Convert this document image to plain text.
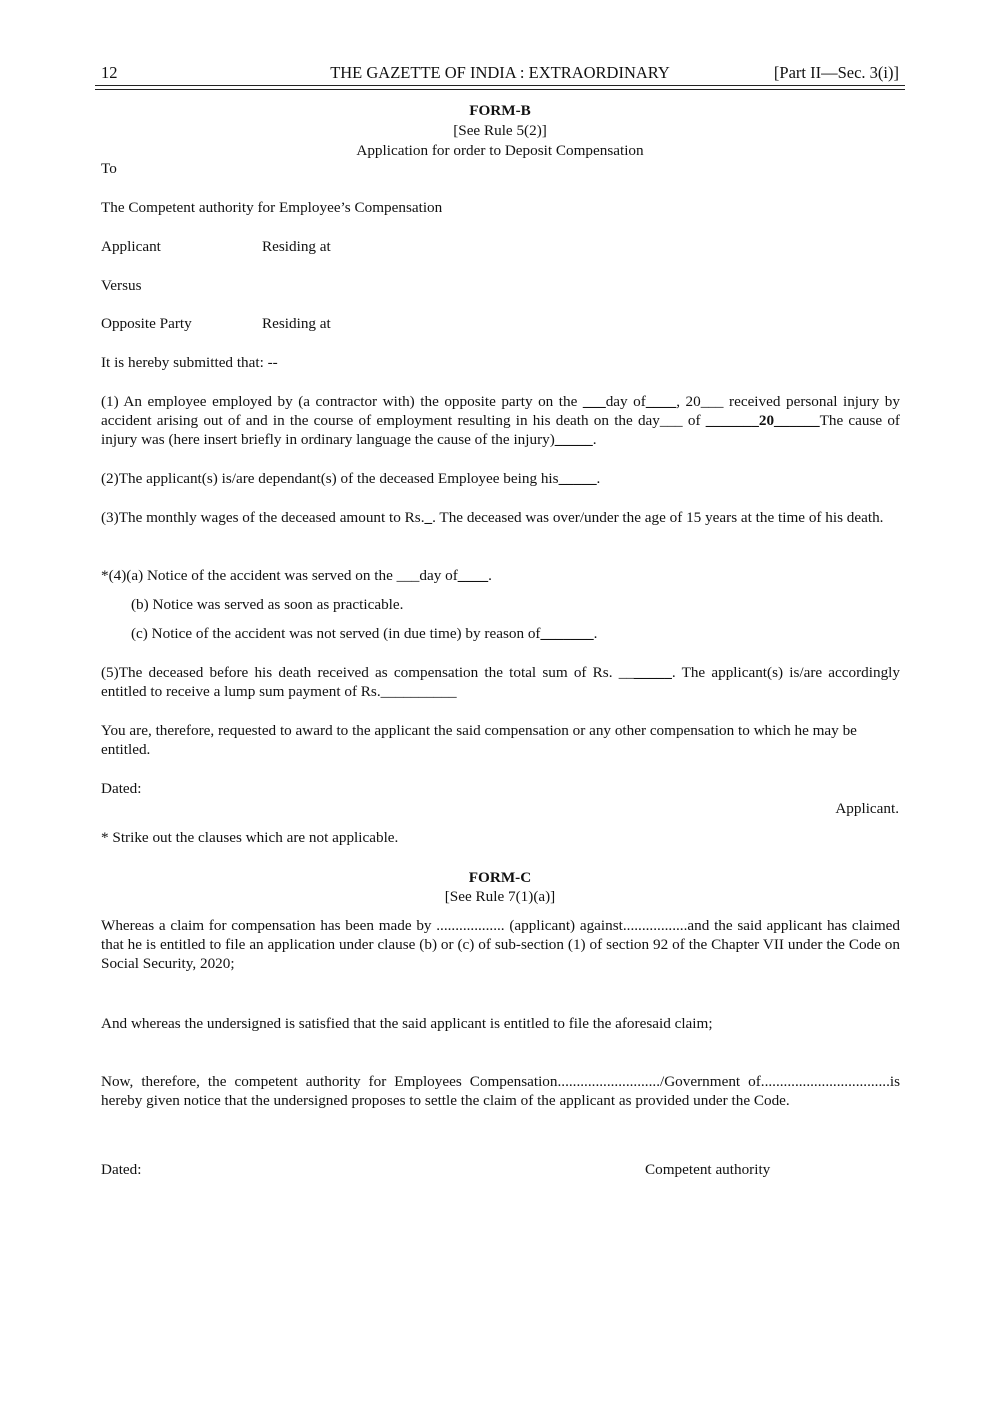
12	THE GAZETTE OF INDIA : EXTRAORDINARY	[Part II—Sec. 3(i)]
FORM-B
[See Rule 5(2)]
Application for order to Deposit Compensation
To
The Competent authority for Employee’s Compensation
Applicant	Residing at
Versus
Opposite Party	Residing at
It is hereby submitted that: --
(1) An employee employed by (a contractor with) the opposite party on the ___day of____, 20___ received personal injury by accident arising out of and in the course of employment resulting in his death on the day___ of _______20______The cause of injury was (here insert briefly in ordinary language the cause of the injury)_____.
(2)The applicant(s) is/are dependant(s) of the deceased Employee being his_____.
(3)The monthly wages of the deceased amount to Rs._. The deceased was over/under the age of 15 years at the time of his death.
*(4)(a) Notice of the accident was served on the ___day of____.
(b) Notice was served as soon as practicable.
(c) Notice of the accident was not served (in due time) by reason of_______.
(5)The deceased before his death received as compensation the total sum of Rs. _______. The applicant(s) is/are accordingly entitled to receive a lump sum payment of Rs.__________
You are, therefore, requested to award to the applicant the said compensation or any other compensation to which he may be entitled.
Dated:
Applicant.
* Strike out the clauses which are not applicable.
FORM-C
[See Rule 7(1)(a)]
Whereas a claim for compensation has been made by .................. (applicant) against.................and the said applicant has claimed that he is entitled to file an application under clause (b) or (c) of sub-section (1) of section 92 of the Chapter VII under the Code on Social Security, 2020;
And whereas the undersigned is satisfied that the said applicant is entitled to file the aforesaid claim;
Now, therefore, the competent authority for Employees Compensation.........................../Government of..................................is hereby given notice that the undersigned proposes to settle the claim of the applicant as provided under the Code.
Dated:	Competent authority
